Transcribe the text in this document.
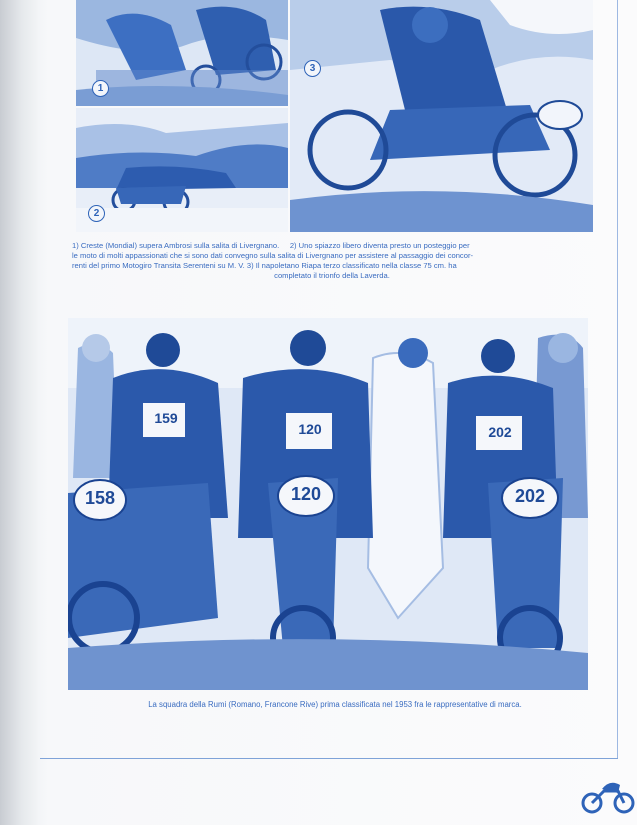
1
2
3
1) Creste (Mondial) supera Ambrosi sulla salita di Livergnano. 2) Uno spiazzo libero diventa presto un posteggio per
le moto di molti appassionati che si sono dati convegno sulla salita di Livergnano per assistere al passaggio dei concor-
renti del primo Motogiro Transita Serenteni su M. V. 3) Il napoletano Riapa terzo classificato nella classe 75 cm. ha
completato il trionfo della Laverda.
159
120	202
158	120	202
La squadra della Rumi (Romano, Francone Rive) prima classificata nel 1953 fra le rappresentative di marca.
